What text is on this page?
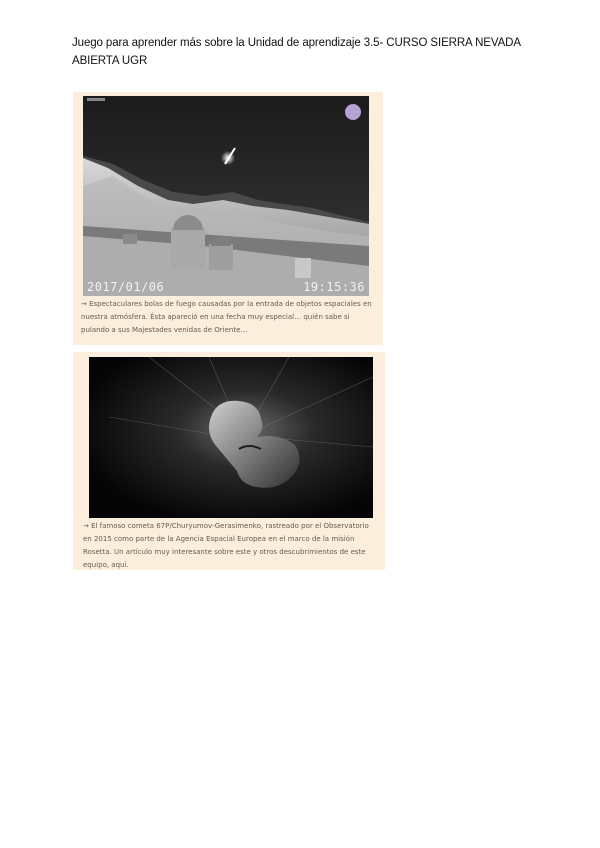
Juego para aprender más sobre la Unidad de aprendizaje 3.5- CURSO SIERRA NEVADA ABIERTA UGR
2017/01/06	19:15:36
→ Espectaculares bolas de fuego causadas por la entrada de objetos espaciales en nuestra atmósfera. Ésta apareció en una fecha muy especial… quién sabe si pulando a sus Majestades venidas de Oriente…
→ El famoso cometa 67P/Churyumov-Gerasimenko, rastreado por el Observatorio en 2015 como parte de la Agencia Espacial Europea en el marco de la misión Rosetta. Un artículo muy interesante sobre este y otros descubrimientos de este equipo, aquí.
